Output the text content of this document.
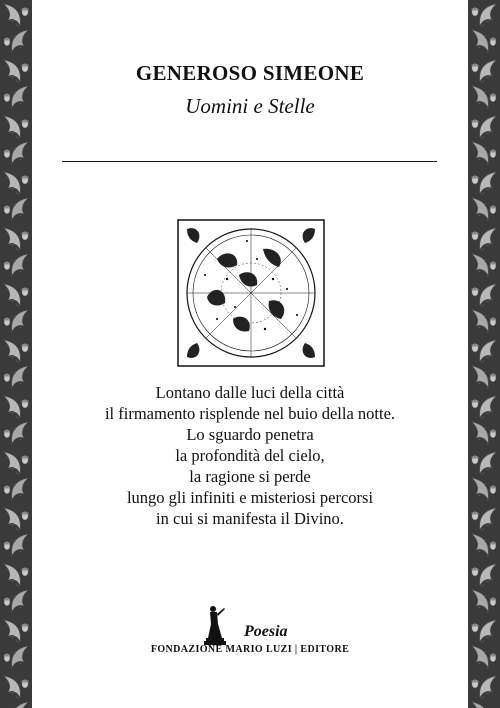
GENEROSO SIMEONE
Uomini e Stelle
Lontano dalle luci della città
il firmamento risplende nel buio della notte.
Lo sguardo penetra
la profondità del cielo,
la ragione si perde
lungo gli infiniti e misteriosi percorsi
in cui si manifesta il Divino.
Poesia
FONDAZIONE MARIO LUZI | EDITORE
